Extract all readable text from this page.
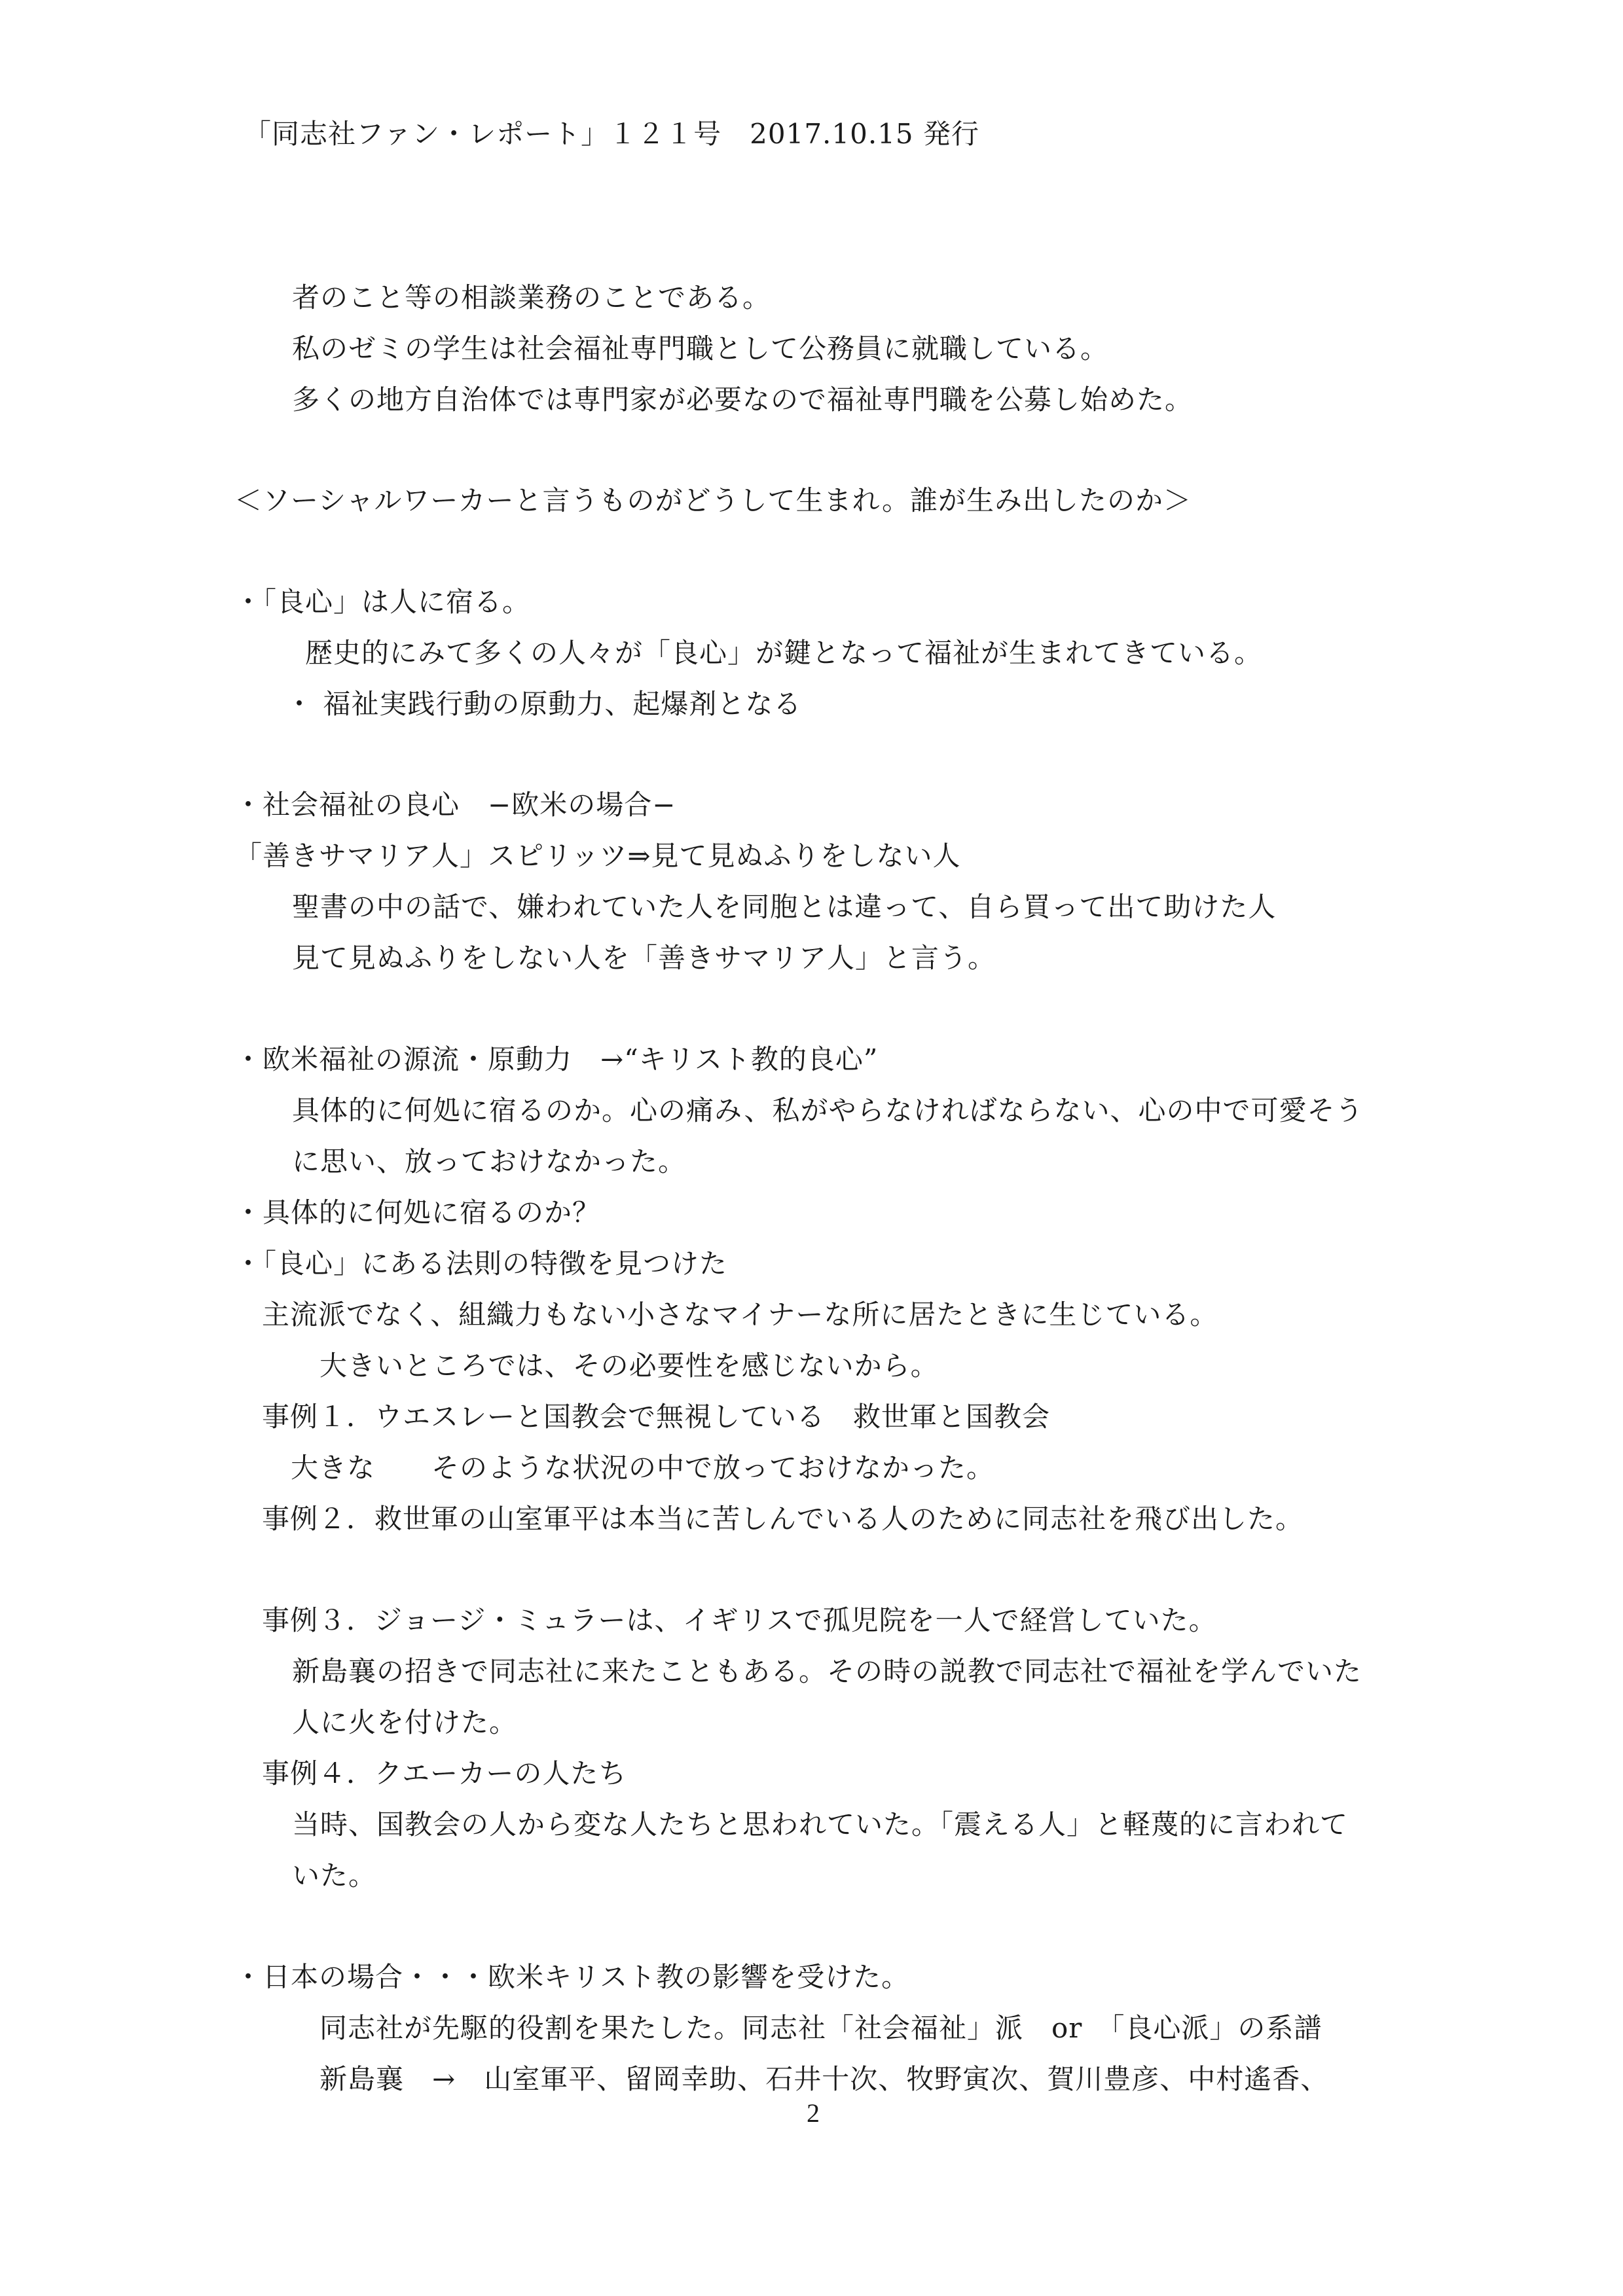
「同志社ファン・レポート」１２１号　2017.10.15 発行
者のこと等の相談業務のことである。
私のゼミの学生は社会福祉専門職として公務員に就職している。
多くの地方自治体では専門家が必要なので福祉専門職を公募し始めた。
＜ソーシャルワーカーと言うものがどうして生まれ。誰が生み出したのか＞
・「良心」は人に宿る。
歴史的にみて多くの人々が「良心」が鍵となって福祉が生まれてきている。
・ 福祉実践行動の原動力、起爆剤となる
・社会福祉の良心　−欧米の場合−
「善きサマリア人」スピリッツ⇒見て見ぬふりをしない人
聖書の中の話で、嫌われていた人を同胞とは違って、自ら買って出て助けた人
見て見ぬふりをしない人を「善きサマリア人」と言う。
・欧米福祉の源流・原動力　→“キリスト教的良心”
具体的に何処に宿るのか。心の痛み、私がやらなければならない、心の中で可愛そう
に思い、放っておけなかった。
・具体的に何処に宿るのか？
・「良心」にある法則の特徴を見つけた
主流派でなく、組織力もない小さなマイナーな所に居たときに生じている。
大きいところでは、その必要性を感じないから。
事例１．ウエスレーと国教会で無視している　救世軍と国教会
大きな　　そのような状況の中で放っておけなかった。
事例２．救世軍の山室軍平は本当に苦しんでいる人のために同志社を飛び出した。
事例３．ジョージ・ミュラーは、イギリスで孤児院を一人で経営していた。
新島襄の招きで同志社に来たこともある。その時の説教で同志社で福祉を学んでいた
人に火を付けた。
事例４．クエーカーの人たち
当時、国教会の人から変な人たちと思われていた。「震える人」と軽蔑的に言われて
いた。
・日本の場合・・・欧米キリスト教の影響を受けた。
同志社が先駆的役割を果たした。同志社「社会福祉」派　or　「良心派」の系譜
新島襄　→　山室軍平、留岡幸助、石井十次、牧野寅次、賀川豊彦、中村遙香、
2
